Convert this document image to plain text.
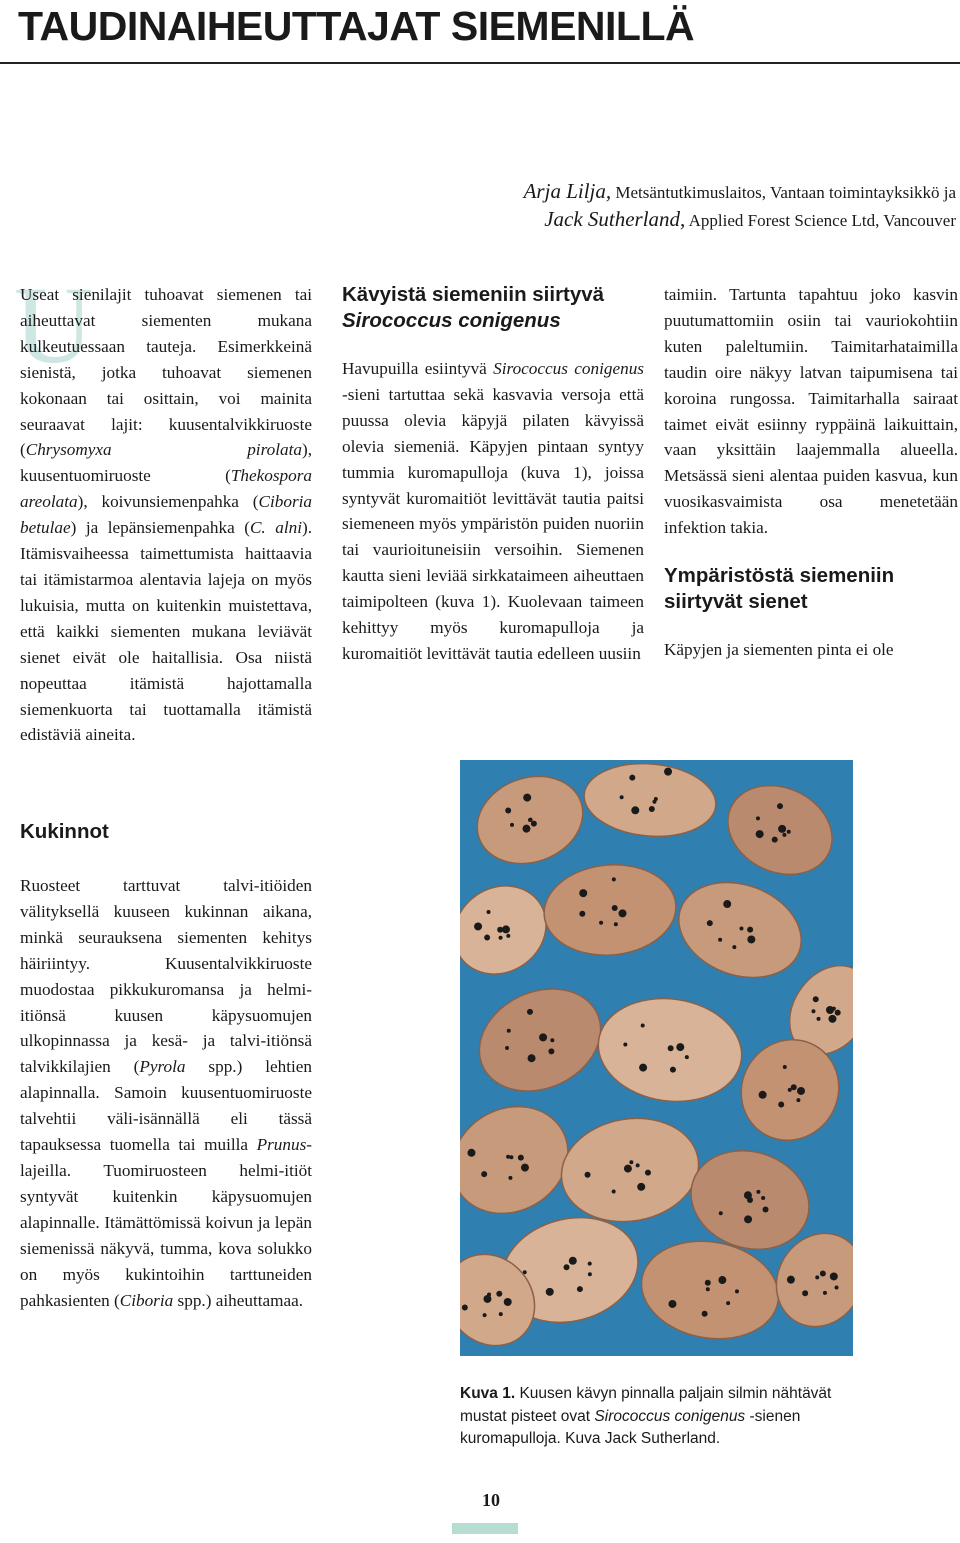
TAUDINAIHEUTTAJAT SIEMENILLÄ
Arja Lilja, Metsäntutkimuslaitos, Vantaan toimintayksikkö ja
Jack Sutherland, Applied Forest Science Ltd, Vancouver
U

Useat sienilajit tuhoavat siemenen tai aiheuttavat siementen mukana kulkeutuessaan tauteja. Esimerkkeinä sienistä, jotka tuhoavat siemenen kokonaan tai osittain, voi mainita seuraavat lajit: kuusentalvikkiruoste (Chrysomyxa pirolata), kuusentuomiruoste (Thekospora areolata), koivunsiemenpahka (Ciboria betulae) ja lepänsiemenpahka (C. alni). Itämisvaiheessa taimettumista haittaavia tai itämistarmoa alentavia lajeja on myös lukuisia, mutta on kuitenkin muistettava, että kaikki siementen mukana leviävät sienet eivät ole haitallisia. Osa niistä nopeuttaa itämistä hajottamalla siemenkuorta tai tuottamalla itämistä edistäviä aineita.

Kävyistä siemeniin siirtyvä
Sirococcus conigenus

Havupuilla esiintyvä Sirococcus conigenus -sieni tartuttaa sekä kasvavia versoja että puussa olevia käpyjä pilaten kävyissä olevia siemeniä. Käpyjen pintaan syntyy tummia kuromapulloja (kuva 1), joissa syntyvät kuromaitiöt levittävät tautia paitsi siemeneen myös ympäristön puiden nuoriin tai vaurioituneisiin versoihin. Siemenen kautta sieni leviää sirkkataimeen aiheuttaen taimipolteen (kuva 1). Kuolevaan taimeen kehittyy myös kuromapulloja ja kuromaitiöt levittävät tautia edelleen uusiin

taimiin. Tartunta tapahtuu joko kasvin puutumattomiin osiin tai vauriokohtiin kuten paleltumiin. Taimitarhataimilla taudin oire näkyy latvan taipumisena tai koroina rungossa. Taimitarhalla sairaat taimet eivät esiinny ryppäinä laikuittain, vaan yksittäin laajemmalla alueella. Metsässä sieni alentaa puiden kasvua, kun vuosikasvaimista osa menetetään infektion takia.

Ympäristöstä siemeniin
siirtyvät sienet

Käpyjen ja siementen pinta ei ole

Kukinnot

Ruosteet tarttuvat talvi-itiöiden välityksellä kuuseen kukinnan aikana, minkä seurauksena siementen kehitys häiriintyy. Kuusentalvikkiruoste muodostaa pikkukuromansa ja helmi-itiönsä kuusen käpysuomujen ulkopinnassa ja kesä- ja talvi-itiönsä talvikkilajien (Pyrola spp.) lehtien alapinnalla. Samoin kuusentuomiruoste talvehtii väli-isännällä eli tässä tapauksessa tuomella tai muilla Prunus-lajeilla. Tuomiruosteen helmi-itiöt syntyvät kuitenkin käpysuomujen alapinnalle. Itämättömissä koivun ja lepän siemenissä näkyvä, tumma, kova solukko on myös kukintoihin tarttuneiden pahkasienten (Ciboria spp.) aiheuttamaa.

Kuva 1. Kuusen kävyn pinnalla paljain silmin nähtävät mustat pisteet ovat Sirococcus conigenus -sienen kuromapulloja. Kuva Jack Sutherland.
10
